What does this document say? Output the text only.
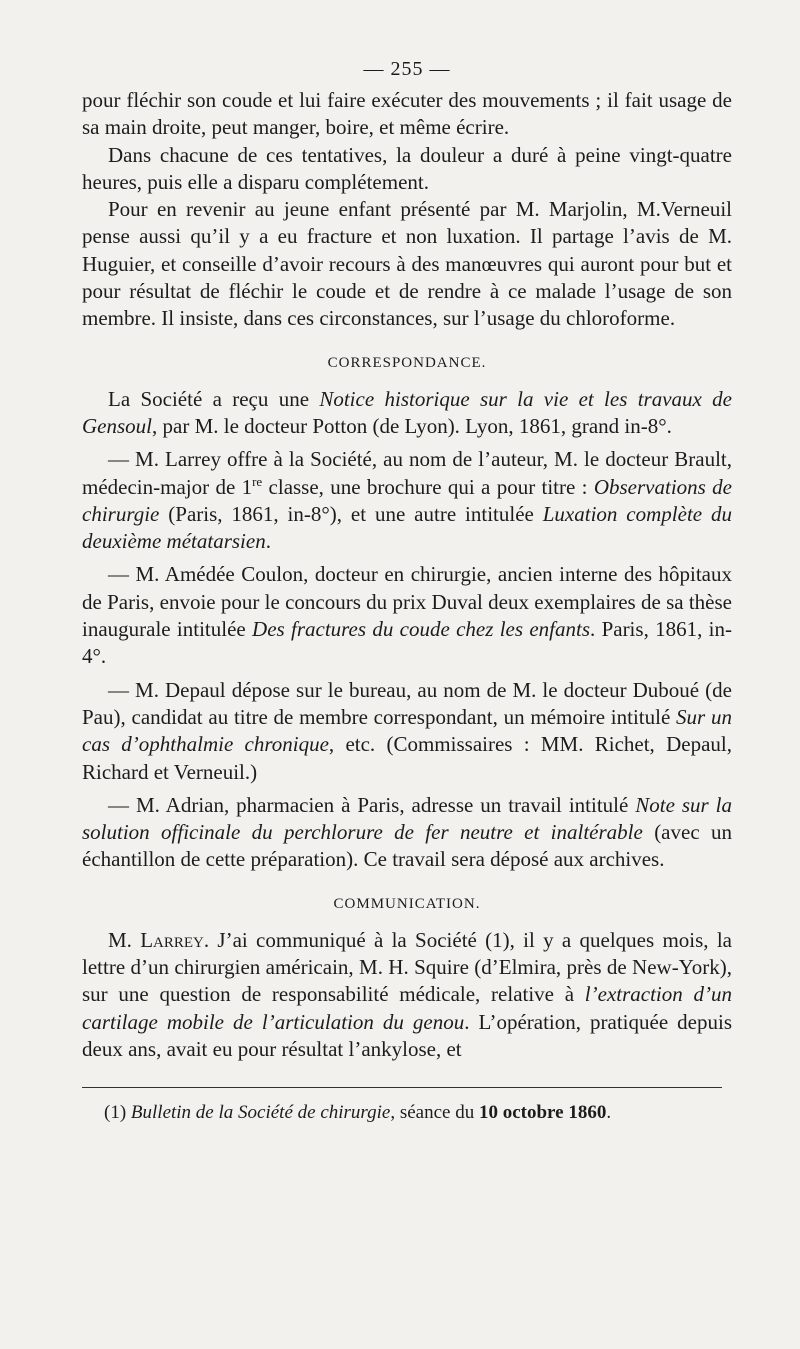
— 255 —

pour fléchir son coude et lui faire exécuter des mouvements ; il fait usage de sa main droite, peut manger, boire, et même écrire.

Dans chacune de ces tentatives, la douleur a duré à peine vingt-quatre heures, puis elle a disparu complétement.

Pour en revenir au jeune enfant présenté par M. Marjolin, M.Verneuil pense aussi qu’il y a eu fracture et non luxation. Il partage l’avis de M. Huguier, et conseille d’avoir recours à des manœuvres qui auront pour but et pour résultat de fléchir le coude et de rendre à ce malade l’usage de son membre. Il insiste, dans ces circonstances, sur l’usage du chloroforme.

CORRESPONDANCE.

La Société a reçu une Notice historique sur la vie et les travaux de Gensoul, par M. le docteur Potton (de Lyon). Lyon, 1861, grand in-8°.

— M. Larrey offre à la Société, au nom de l’auteur, M. le docteur Brault, médecin-major de 1re classe, une brochure qui a pour titre : Observations de chirurgie (Paris, 1861, in-8°), et une autre intitulée Luxation complète du deuxième métatarsien.

— M. Amédée Coulon, docteur en chirurgie, ancien interne des hôpitaux de Paris, envoie pour le concours du prix Duval deux exemplaires de sa thèse inaugurale intitulée Des fractures du coude chez les enfants. Paris, 1861, in-4°.

— M. Depaul dépose sur le bureau, au nom de M. le docteur Duboué (de Pau), candidat au titre de membre correspondant, un mémoire intitulé Sur un cas d’ophthalmie chronique, etc. (Commissaires : MM. Richet, Depaul, Richard et Verneuil.)

— M. Adrian, pharmacien à Paris, adresse un travail intitulé Note sur la solution officinale du perchlorure de fer neutre et inaltérable (avec un échantillon de cette préparation). Ce travail sera déposé aux archives.

COMMUNICATION.

M. Larrey. J’ai communiqué à la Société (1), il y a quelques mois, la lettre d’un chirurgien américain, M. H. Squire (d’Elmira, près de New-York), sur une question de responsabilité médicale, relative à l’extraction d’un cartilage mobile de l’articulation du genou. L’opération, pratiquée depuis deux ans, avait eu pour résultat l’ankylose, et

(1) Bulletin de la Société de chirurgie, séance du 10 octobre 1860.
